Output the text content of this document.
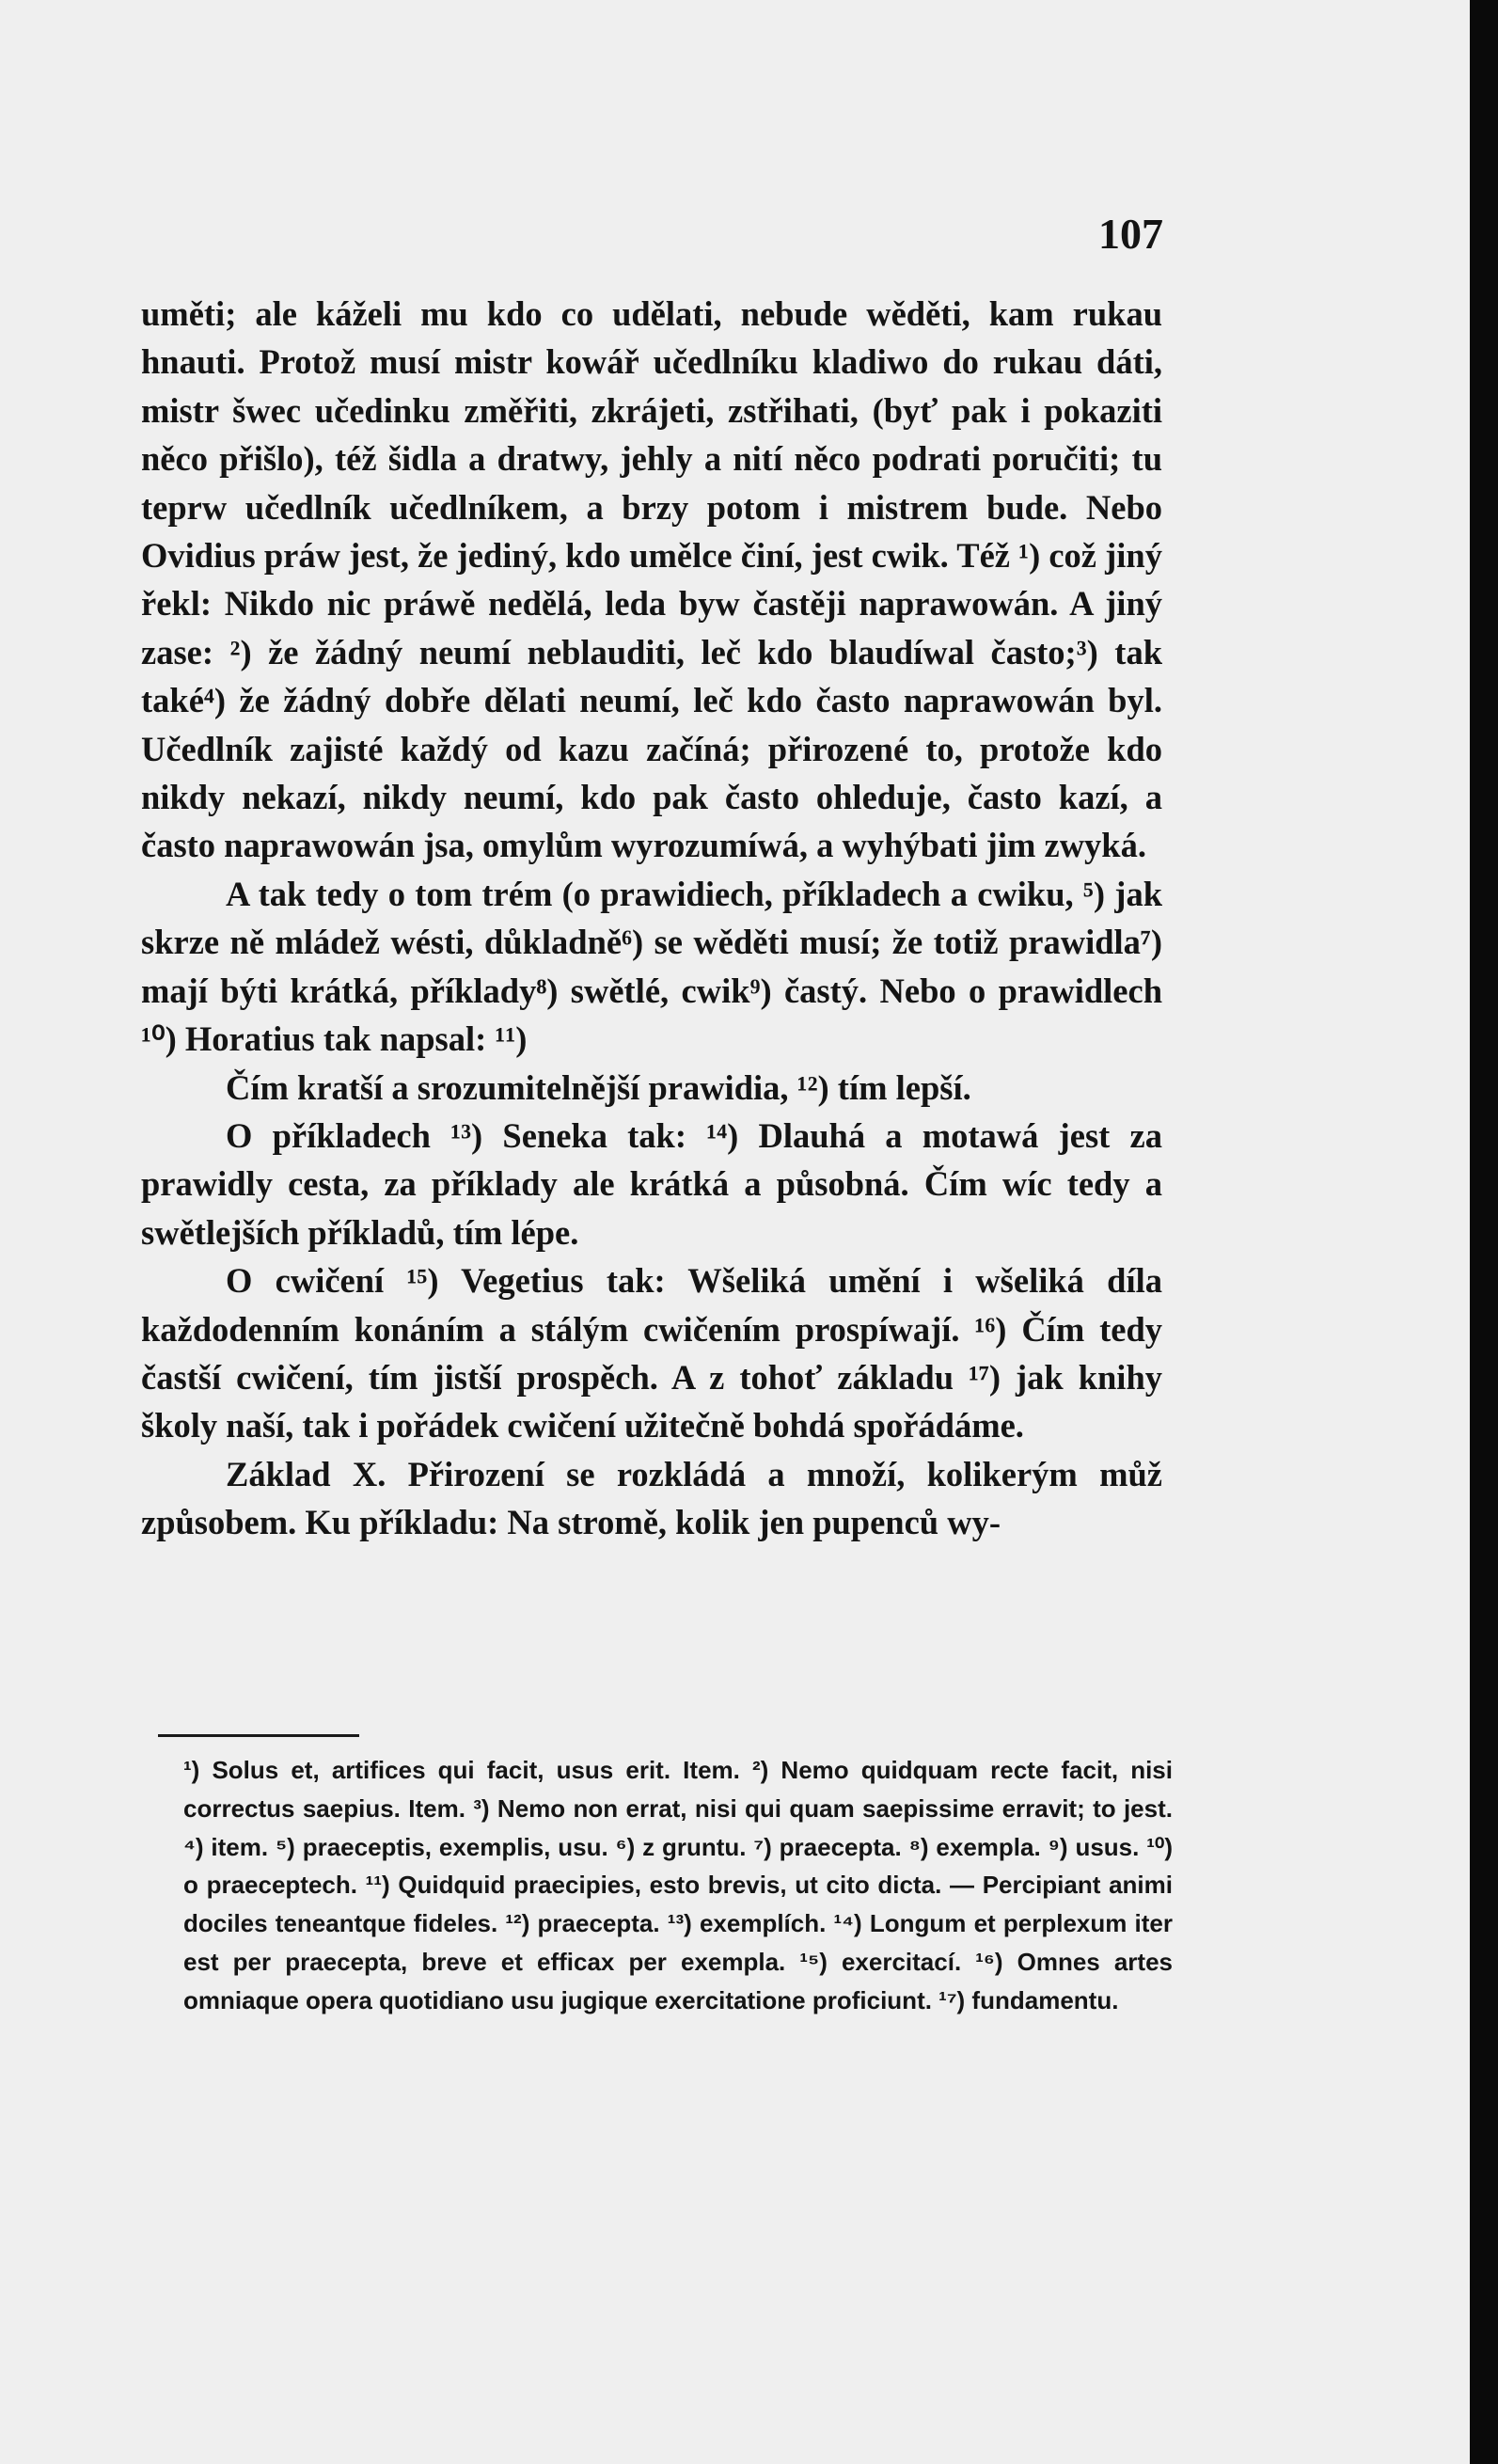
107

uměti; ale káželi mu kdo co udělati, nebude wěděti, kam rukau hnauti. Protož musí mistr kowář učedlníku kladiwo do rukau dáti, mistr šwec učedinku změřiti, zkrájeti, zstřihati, (byť pak i pokaziti něco přišlo), též šidla a dratwy, jehly a nití něco podrati poručiti; tu teprw učedlník učedlníkem, a brzy potom i mistrem bude. Nebo Ovidius práw jest, že jediný, kdo umělce činí, jest cwik. Též ¹) což jiný řekl: Nikdo nic práwě nedělá, leda byw častěji naprawowán. A jiný zase: ²) že žádný neumí neblauditi, leč kdo blaudíwal často;³) tak také⁴) že žádný dobře dělati neumí, leč kdo často naprawowán byl. Učedlník zajisté každý od kazu začíná; přirozené to, protože kdo nikdy nekazí, nikdy neumí, kdo pak často ohleduje, často kazí, a často naprawowán jsa, omylům wyrozumíwá, a wyhýbati jim zwyká.

A tak tedy o tom trém (o prawidiech, příkladech a cwiku, ⁵) jak skrze ně mládež wésti, důkladně⁶) se wěděti musí; že totiž prawidla⁷) mají býti krátká, příklady⁸) swětlé, cwik⁹) častý. Nebo o prawidlech ¹⁰) Horatius tak napsal: ¹¹)

Čím kratší a srozumitelnější prawidia, ¹²) tím lepší.

O příkladech ¹³) Seneka tak: ¹⁴) Dlauhá a motawá jest za prawidly cesta, za příklady ale krátká a působná. Čím wíc tedy a swětlejších příkladů, tím lépe.

O cwičení ¹⁵) Vegetius tak: Wšeliká umění i wšeliká díla každodenním konáním a stálým cwičením prospíwají. ¹⁶) Čím tedy častší cwičení, tím jistší prospěch. A z tohoť základu ¹⁷) jak knihy školy naší, tak i pořádek cwičení užitečně bohdá spořádáme.

Základ X. Přirození se rozkládá a množí, kolikerým můž způsobem. Ku příkladu: Na stromě, kolik jen pupenců wy-

¹) Solus et, artifices qui facit, usus erit. Item. ²) Nemo quidquam recte facit, nisi correctus saepius. Item. ³) Nemo non errat, nisi qui quam saepissime erravit; to jest. ⁴) item. ⁵) praeceptis, exemplis, usu. ⁶) z gruntu. ⁷) praecepta. ⁸) exempla. ⁹) usus. ¹⁰) o praeceptech. ¹¹) Quidquid praecipies, esto brevis, ut cito dicta. — Percipiant animi dociles teneantque fideles. ¹²) praecepta. ¹³) exemplích. ¹⁴) Longum et perplexum iter est per praecepta, breve et efficax per exempla. ¹⁵) exercitací. ¹⁶) Omnes artes omniaque opera quotidiano usu jugique exercitatione proficiunt. ¹⁷) fundamentu.
